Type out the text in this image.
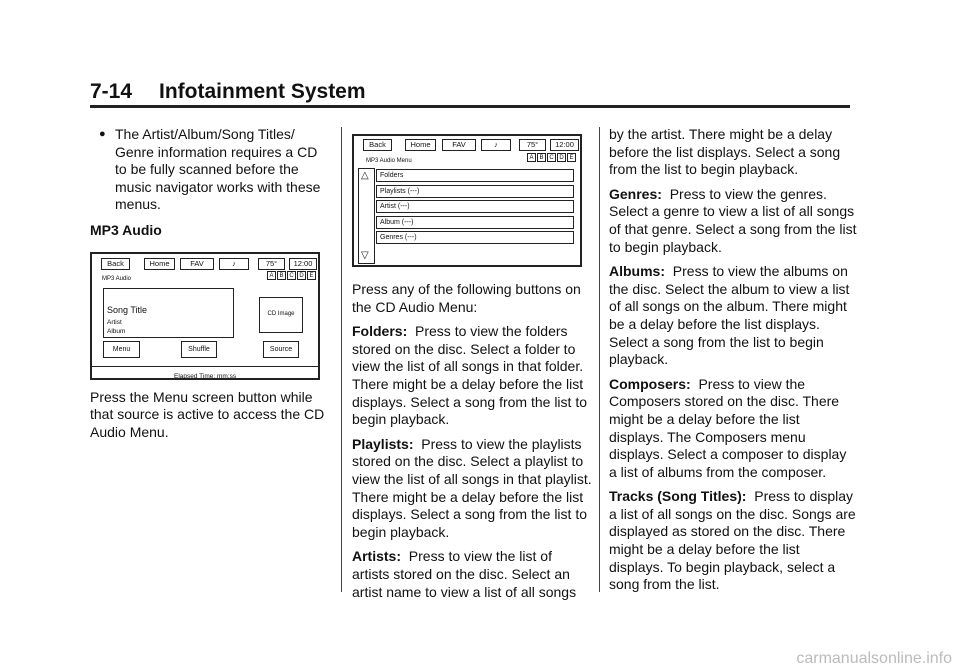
7-14 Infotainment System
● The Artist/Album/Song Titles/ Genre information requires a CD to be fully scanned before the music navigator works with these menus.
MP3 Audio
Back	Home	FAV	♪	75°	12:00
MP3 Audio	A B C D E
Song Title
Artist
Album
CD Image
Menu	Shuffle	Source
Elapsed Time: mm:ss

Press the Menu screen button while that source is active to access the CD Audio Menu.

Back	Home	FAV	♪	75°	12:00
MP3 Audio Menu	A B C D E
△
▽
Folders
Playlists (---)
Artist (---)
Album (---)
Genres (---)

Press any of the following buttons on the CD Audio Menu:

Folders: Press to view the folders stored on the disc. Select a folder to view the list of all songs in that folder. There might be a delay before the list displays. Select a song from the list to begin playback.

Playlists: Press to view the playlists stored on the disc. Select a playlist to view the list of all songs in that playlist. There might be a delay before the list displays. Select a song from the list to begin playback.

Artists: Press to view the list of artists stored on the disc. Select an artist name to view a list of all songs

by the artist. There might be a delay before the list displays. Select a song from the list to begin playback.

Genres: Press to view the genres. Select a genre to view a list of all songs of that genre. Select a song from the list to begin playback.

Albums: Press to view the albums on the disc. Select the album to view a list of all songs on the album. There might be a delay before the list displays. Select a song from the list to begin playback.

Composers: Press to view the Composers stored on the disc. There might be a delay before the list displays. The Composers menu displays. Select a composer to display a list of albums from the composer.

Tracks (Song Titles): Press to display a list of all songs on the disc. Songs are displayed as stored on the disc. There might be a delay before the list displays. To begin playback, select a song from the list.

carmanualsonline.info
